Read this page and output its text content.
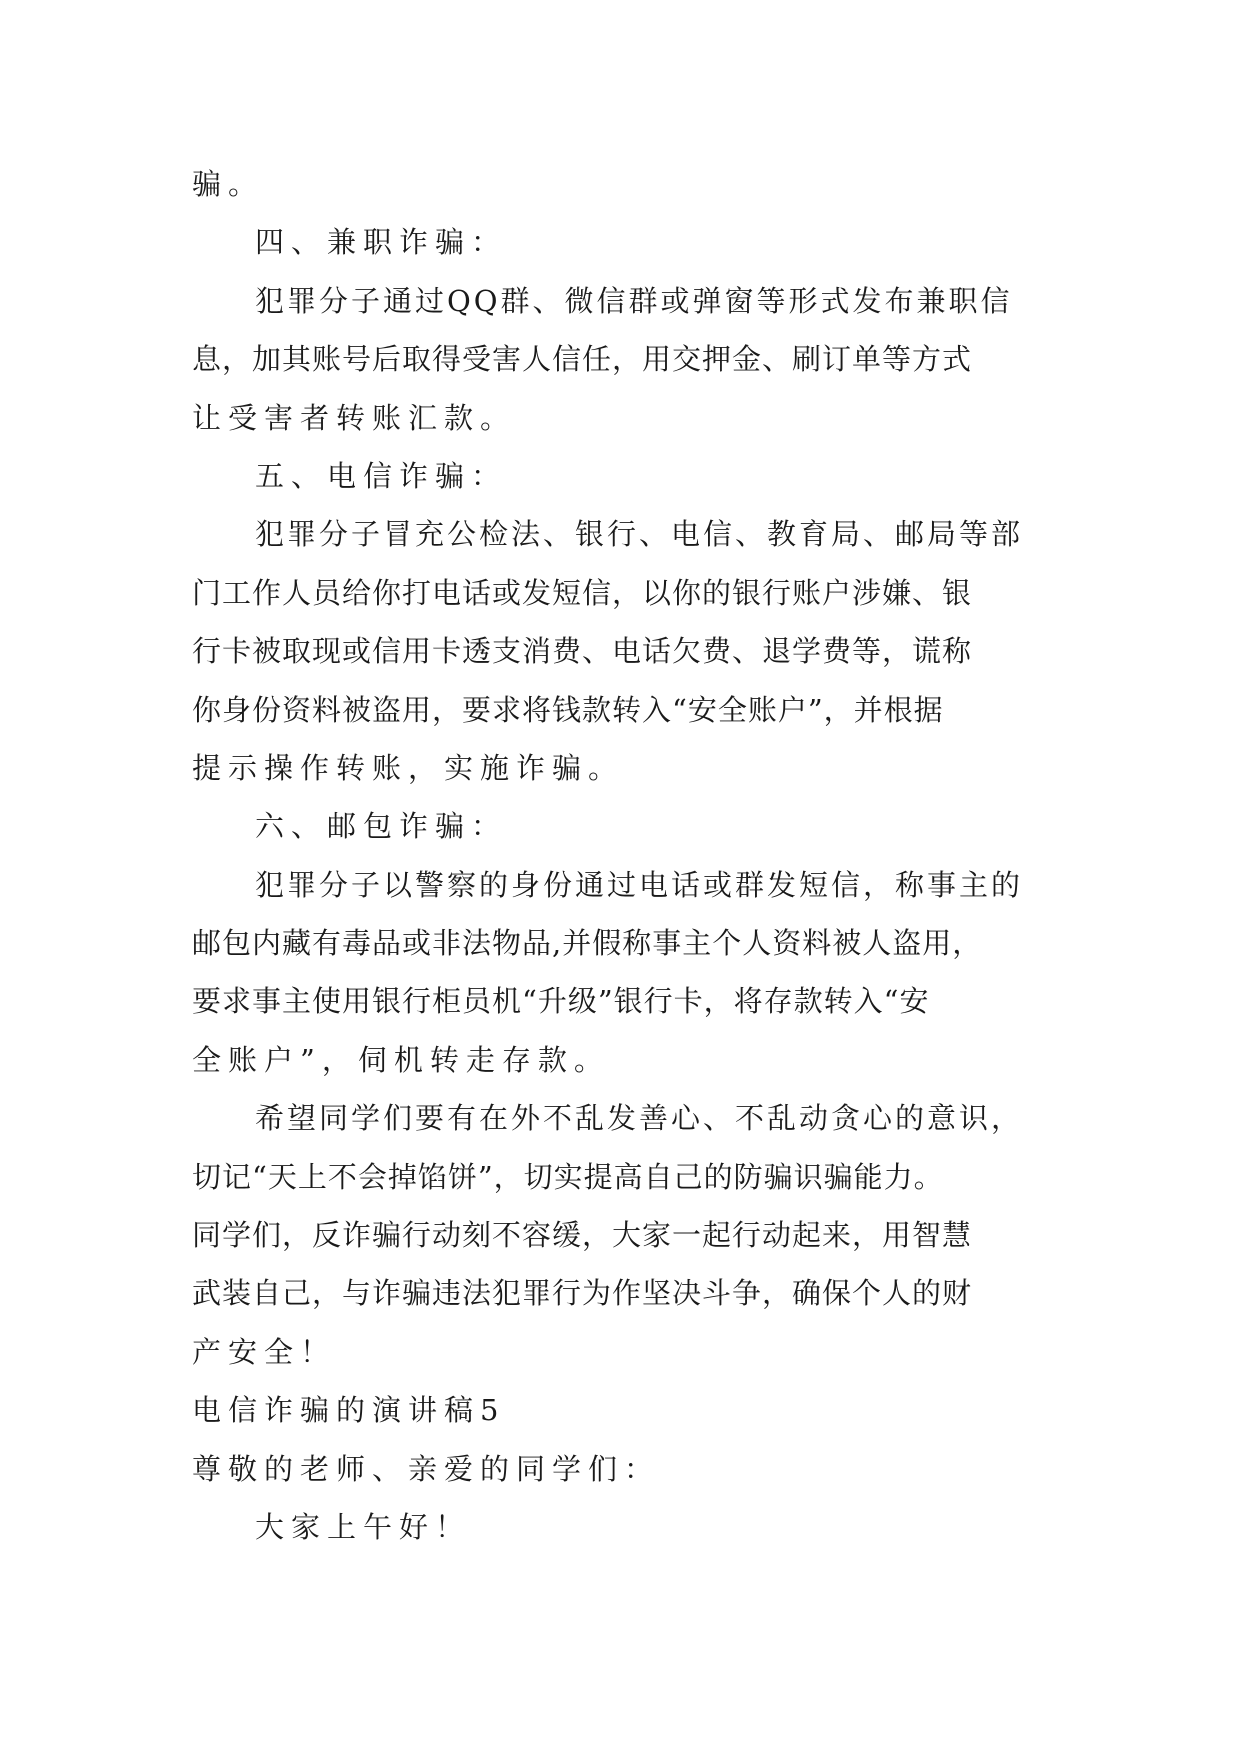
骗。

四、兼职诈骗：

犯罪分子通过QQ群、微信群或弹窗等形式发布兼职信

息，加其账号后取得受害人信任，用交押金、刷订单等方式

让受害者转账汇款。

五、电信诈骗：

犯罪分子冒充公检法、银行、电信、教育局、邮局等部

门工作人员给你打电话或发短信，以你的银行账户涉嫌、银

行卡被取现或信用卡透支消费、电话欠费、退学费等，谎称

你身份资料被盗用，要求将钱款转入“安全账户”，并根据

提示操作转账，实施诈骗。

六、邮包诈骗：

犯罪分子以警察的身份通过电话或群发短信，称事主的

邮包内藏有毒品或非法物品,并假称事主个人资料被人盗用，

要求事主使用银行柜员机“升级”银行卡，将存款转入“安

全账户”，伺机转走存款。

希望同学们要有在外不乱发善心、不乱动贪心的意识，

切记“天上不会掉馅饼”，切实提高自己的防骗识骗能力。

同学们，反诈骗行动刻不容缓，大家一起行动起来，用智慧

武装自己，与诈骗违法犯罪行为作坚决斗争，确保个人的财

产安全！

电信诈骗的演讲稿5

尊敬的老师、亲爱的同学们：

大家上午好！
